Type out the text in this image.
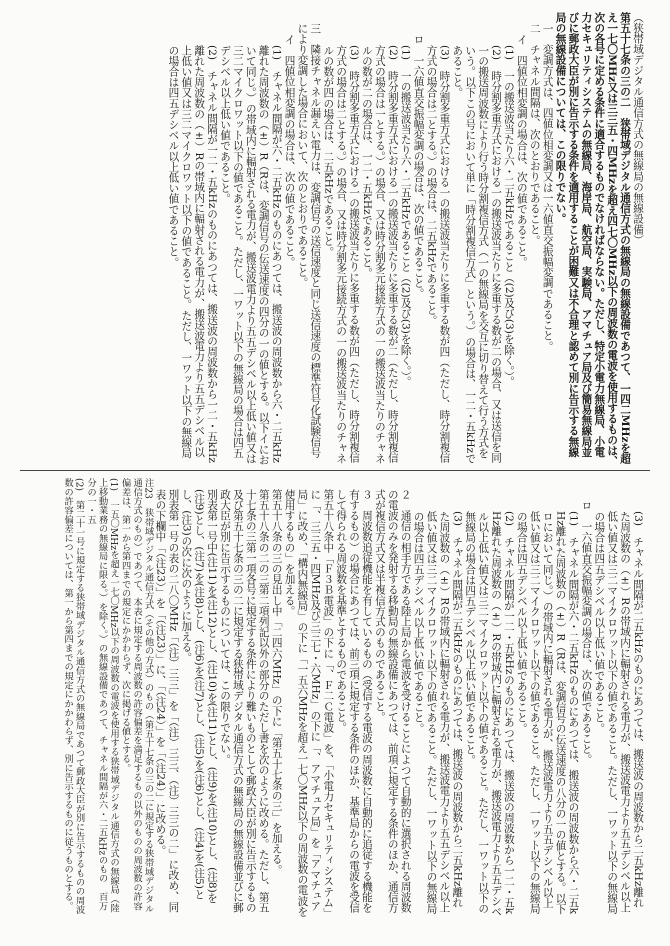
（狭帯域デジタル通信方式の無線局の無線設備）

第五十七条の三の二　狭帯域デジタル通信方式の無線局の無線設備であつて、一四二MHzを超え一七〇MHz又は三三五・四MHzを超え四七〇MHz以下の周波数の電波を使用するものは、次の各号に定める条件に適合するものでなければならない。ただし、特定小電力無線局、小電力セキュリティシステムの無線局、海岸局、航空局、実験局、アマチュア局及び簡易無線局並びに郵政大臣が別に告示する条件を適用することが困難又は不合理と認めて別に告示する無線局の無線設備については、この限りでない。

一　変調方式は、四値位相変調又は一六値直交振幅変調であること。

二　チャネル間隔は、次のとおりであること。

イ　四値位相変調の場合は、次の値であること。

(1)　一の搬送波当たり六・二五kHzであること（(2)及び(3)を除く。）。

(2)　時分割多重方式における一の搬送波当たりに多重する数が二の場合、又は送信を同一の搬送周波数により行う時分割複信方式（一の無線局を交互に切り替えて行う方式をいう。以下この号において単に「時分割複信方式」という。）の場合は、一二・五kHzであること。

(3)　時分割多重方式における一の搬送波当たりに多重する数が四（ただし、時分割複信方式の場合は二とする。）の場合は、二五kHzであること。

ロ　一六値直交振幅変調の場合は、次の値であること。

(1)　一の搬送波当たり六・二五kHzであること（(2)及び(3)を除く。）。

(2)　時分割多重方式における一の搬送波当たりに多重する数が二（ただし、時分割複信方式の場合は一とする。）の場合、又は時分割多元接続方式の一の搬送波当たりのチャネルの数が二の場合は、一二・五kHzであること。

(3)　時分割多重方式における一の搬送波当たりに多重する数が四（ただし、時分割複信方式の場合は二とする。）の場合、又は時分割多元接続方式の一の搬送波当たりのチャネルの数が四の場合は、二五kHzであること。

三　隣接チャネル漏えい電力は、変調信号の送信速度と同じ送信速度の標準符号化試験信号により変調した場合において、次のとおりであること。

イ　四値位相変調の場合は、次の値であること。

(1)　チャネル間隔が六・二五kHzのものにあつては、搬送波の周波数から六・二五kHz離れた周波数の（±）R（Rは、変調信号の伝送速度の四分の一の値とする。以下イにおいて同じ。）の帯域内に輻射される電力が、搬送波電力より五五デシベル以上低い値又は三二マイクロワット以下の値であること。ただし、一ワット以下の無線局の場合は四五デシベル以上低い値であること。

(2)　チャネル間隔が一二・五kHzのものにあつては、搬送波の周波数から一二・五kHz離れた周波数の（±）Rの帯域内に輻射される電力が、搬送波電力より五五デシベル以上低い値又は三二マイクロワット以下の値であること。ただし、一ワット以下の無線局の場合は四五デシベル以上低い値であること。

(3)　チャネル間隔が二五kHzのものにあつては、搬送波の周波数から二五kHz離れた周波数の（±）Rの帯域内に輻射される電力が、搬送波電力より五五デシベル以上低い値又は三二マイクロワット以下の値であること。ただし、一ワット以下の無線局の場合は四五デシベル以上低い値であること。

ロ　一六値直交振幅変調の場合は、次の値であること。

(1)　チャネル間隔が六・二五kHzのものにあつては、搬送波の周波数から六・二五kHz離れた周波数の（±）R（Rは、変調信号の伝送速度の八分の一の値とする。以下ロにおいて同じ。）の帯域内に輻射される電力が、搬送波電力より五五デシベル以上低い値又は三二マイクロワット以下の値であること。ただし、一ワット以下の無線局の場合は四五デシベル以上低い値であること。

(2)　チャネル間隔が一二・五kHzのものにあつては、搬送波の周波数から一二・五kHz離れた周波数の（±）Rの帯域内に輻射される電力が、搬送波電力より五五デシベル以上低い値又は三二マイクロワット以下の値であること。ただし、一ワット以下の無線局の場合は四五デシベル以上低い値であること。

(3)　チャネル間隔が二五kHzのものにあつては、搬送波の周波数から二五kHz離れた周波数の（±）Rの帯域内に輻射される電力が、搬送波電力より五五デシベル以上低い値又は三二マイクロワット以下の値であること。ただし、一ワット以下の無線局の場合は四五デシベル以上低い値であること。

２　通信の相手方である陸上局から電波を受けることによつて自動的に選択される周波数の電波のみを発射する移動局の無線設備にあつては、前項に規定する条件のほか、通信方式が複信方式又は半複信方式のものであること。

３　周波数追従機能を有しているもの（受信する電波の周波数に自動的に追従する機能を有するもの）の場合にあつては、前三項に規定する条件のほか、基準局からの電波を受信して得られる周波数を基準とするものであること。

第五十八条中「Ｆ３Ｂ電波」の下に「、Ｆ二Ｃ電波」を、「小電力セキュリティシステム」に「、三三五・四MHz及び三三七・六MHz」の下に「、アマチュア局」を「アマチュア局」に改め、「構内無線局」の下に「一五六MHzを超え一七〇MHz以下の周波数の電波を使用するもの」を加える。

第五十八条の三の見出し中「二四六MHz」の下に「第五十七条の三」を加える。

第五十八条の二の三第二項列記以外の部分のただし書を次のように改める。ただし、第五十七条の三第一項各号に規定する条件により難いものとして郵政大臣が別に告示するもの及び第五十七条の三の二に規定する狭帯域デジタル通信方式の無線局の無線設備並びに郵政大臣が別に告示するものについては、この限りでない。

別表第一号中(注11)を(注12)とし、(注10)を(注11)とし、(注9)を(注10)とし、(注8)を(注9)とし、(注7)を(注8)とし、(注6)を(注7)とし、(注5)を(注6)とし、(注4)を(注5)とし、(注3)の次に次のように加える。

別表第一号の表の二八〇MHz「（注）三三」を「（注）三三、（注）三三の二」に改め、同表の下欄中「（注23）」を「（注23）」に、「（注24）」を「（注24）」に改める。

注23　狭帯域デジタル通信方式（その他の方式）のもの（第五十七条の三の二に規定する狭帯域デジタル通信方式のもの）であつて、本表に規定する周波数の許容偏差を満足するもの以外のものの周波数の許容偏差は、第一から第四までの規定にかかわらず、次に掲げる値とする。

(1)　一五〇MHzを超え一七〇MHz以下の周波数の電波を使用する狭帯域デジタル通信方式の無線局（陸上移動業務の無線局に限る。）を除く。）の無線設備であつて、チャネル間隔が六・二五kHzのもの　百万分の一・五

(2)　第二十一号に規定する狭帯域デジタル通信方式の無線局であつて郵政大臣が別に告示するものの周波数の許容偏差については、第一から第四までの規定にかかわらず、別に告示するものに従うものとする。
